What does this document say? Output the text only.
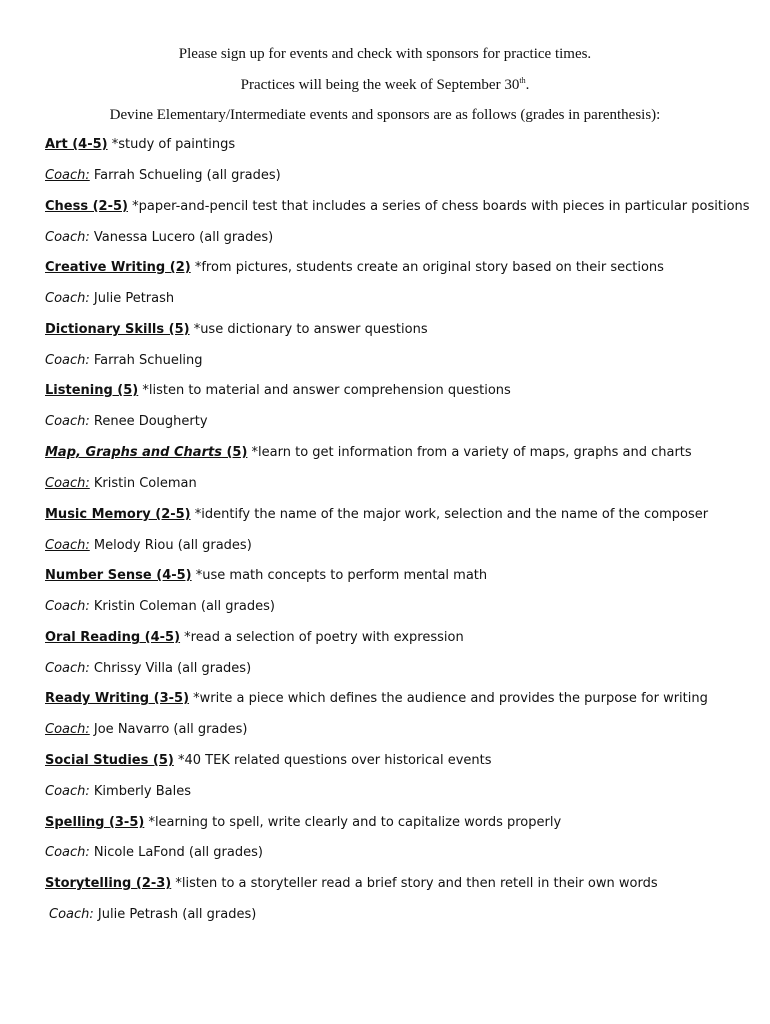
Please sign up for events and check with sponsors for practice times.
Practices will being the week of September 30th.
Devine Elementary/Intermediate events and sponsors are as follows (grades in parenthesis):
Art (4-5) *study of paintings
Coach: Farrah Schueling (all grades)
Chess (2-5) *paper-and-pencil test that includes a series of chess boards with pieces in particular positions
Coach: Vanessa Lucero (all grades)
Creative Writing (2) *from pictures, students create an original story based on their sections
Coach: Julie Petrash
Dictionary Skills (5) *use dictionary to answer questions
Coach: Farrah Schueling
Listening (5) *listen to material and answer comprehension questions
Coach: Renee Dougherty
Map, Graphs and Charts (5) *learn to get information from a variety of maps, graphs and charts
Coach: Kristin Coleman
Music Memory (2-5) *identify the name of the major work, selection and the name of the composer
Coach: Melody Riou (all grades)
Number Sense (4-5) *use math concepts to perform mental math
Coach: Kristin Coleman (all grades)
Oral Reading (4-5) *read a selection of poetry with expression
Coach: Chrissy Villa (all grades)
Ready Writing (3-5) *write a piece which defines the audience and provides the purpose for writing
Coach: Joe Navarro (all grades)
Social Studies (5) *40 TEK related questions over historical events
Coach: Kimberly Bales
Spelling (3-5) *learning to spell, write clearly and to capitalize words properly
Coach: Nicole LaFond (all grades)
Storytelling (2-3) *listen to a storyteller read a brief story and then retell in their own words
Coach: Julie Petrash (all grades)
